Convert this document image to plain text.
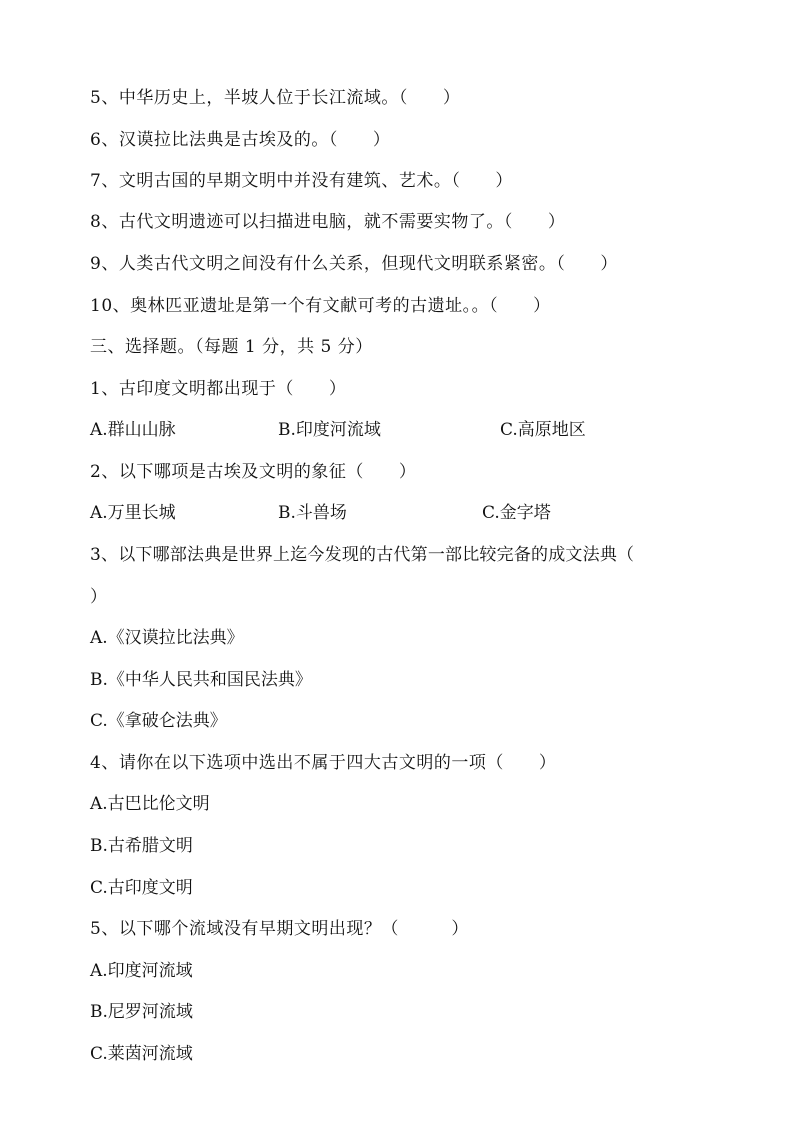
5、中华历史上，半坡人位于长江流域。（　　）
6、汉谟拉比法典是古埃及的。（　　）
7、文明古国的早期文明中并没有建筑、艺术。（　　）
8、古代文明遗迹可以扫描进电脑，就不需要实物了。（　　）
9、人类古代文明之间没有什么关系，但现代文明联系紧密。（　　）
10、奥林匹亚遗址是第一个有文献可考的古遗址。。（　　）
三、选择题。（每题 1 分，共 5 分）
1、古印度文明都出现于（　　）
A.群山山脉	B.印度河流域	C.高原地区
2、以下哪项是古埃及文明的象征（　　）
A.万里长城	B.斗兽场	C.金字塔
3、以下哪部法典是世界上迄今发现的古代第一部比较完备的成文法典（
）
A.《汉谟拉比法典》
B.《中华人民共和国民法典》
C.《拿破仑法典》
4、请你在以下选项中选出不属于四大古文明的一项（　　）
A.古巴比伦文明
B.古希腊文明
C.古印度文明
5、以下哪个流域没有早期文明出现？（　　　）
A.印度河流域
B.尼罗河流域
C.莱茵河流域
